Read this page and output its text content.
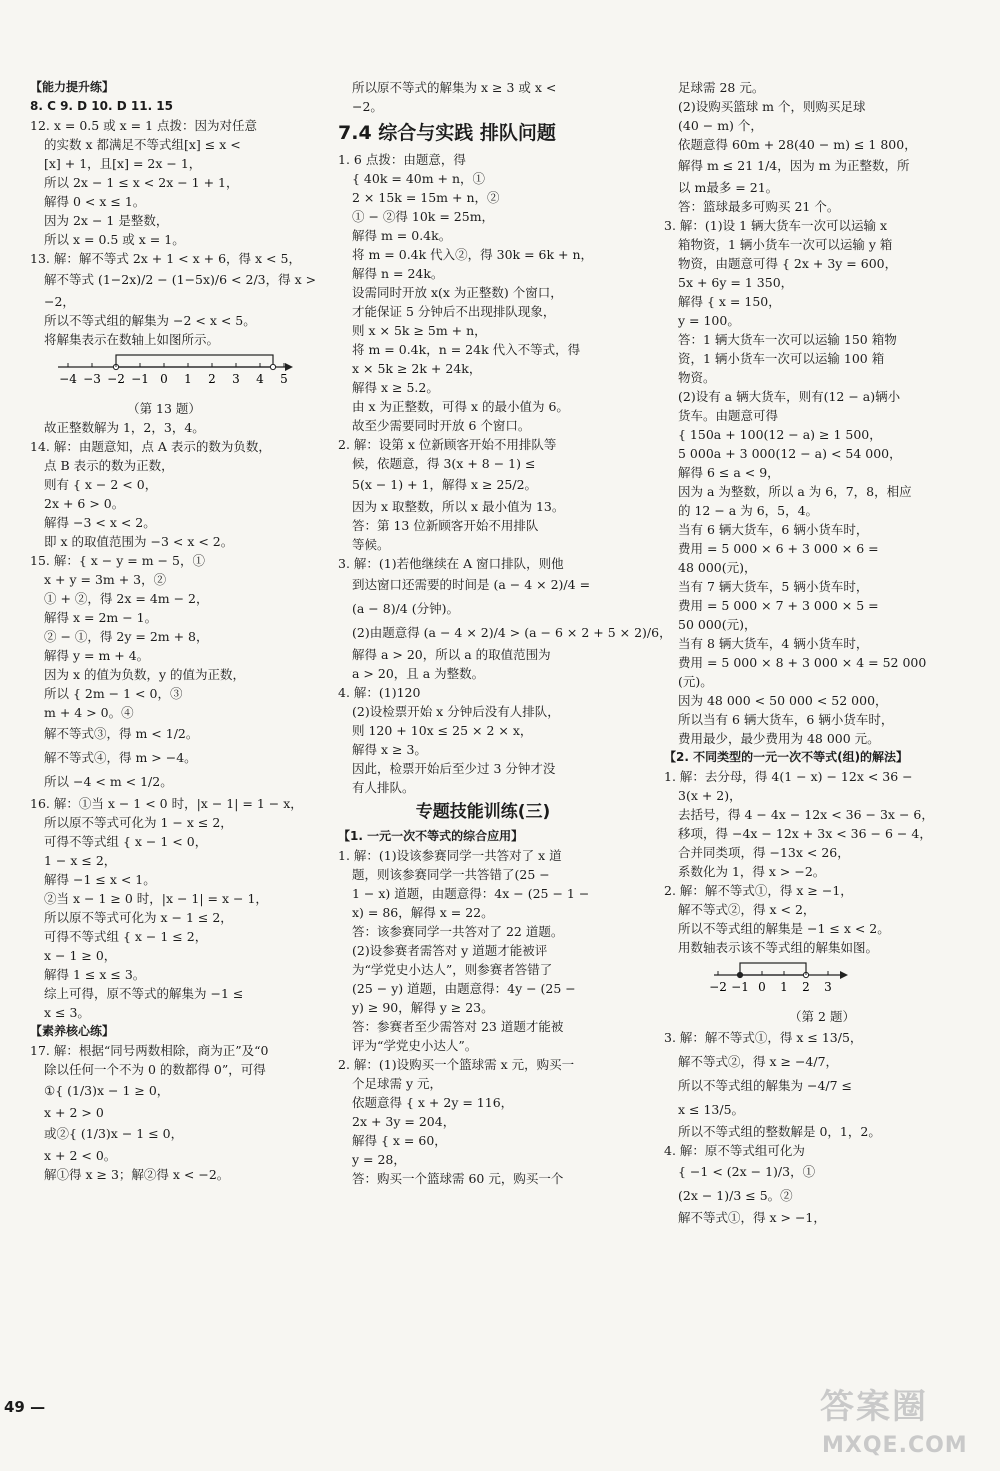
【能力提升练】
8. C 9. D 10. D 11. 15
12. x = 0.5 或 x = 1 点拨：因为对任意
的实数 x 都满足不等式组[x] ≤ x <
[x] + 1，且[x] = 2x − 1，
所以 2x − 1 ≤ x < 2x − 1 + 1，
解得 0 < x ≤ 1。
因为 2x − 1 是整数，
所以 x = 0.5 或 x = 1。
13. 解：解不等式 2x + 1 < x + 6，得 x < 5，
解不等式 (1−2x)/2 − (1−5x)/6 < 2/3，得 x >
−2，
所以不等式组的解集为 −2 < x < 5。
将解集表示在数轴上如图所示。
−4 −3 −2 −1 0 1 2 3 4 5
（第 13 题）
故正整数解为 1，2，3，4。
14. 解：由题意知，点 A 表示的数为负数，
点 B 表示的数为正数，
则有 { x − 2 < 0，
2x + 6 > 0。
解得 −3 < x < 2。
即 x 的取值范围为 −3 < x < 2。
15. 解：{ x − y = m − 5，①
x + y = 3m + 3，②
① + ②，得 2x = 4m − 2，
解得 x = 2m − 1。
② − ①，得 2y = 2m + 8，
解得 y = m + 4。
因为 x 的值为负数，y 的值为正数，
所以 { 2m − 1 < 0，③
m + 4 > 0。④
解不等式③，得 m < 1/2。
解不等式④，得 m > −4。
所以 −4 < m < 1/2。
16. 解：①当 x − 1 < 0 时，|x − 1| = 1 − x，
所以原不等式可化为 1 − x ≤ 2，
可得不等式组 { x − 1 < 0，
1 − x ≤ 2，
解得 −1 ≤ x < 1。
②当 x − 1 ≥ 0 时，|x − 1| = x − 1，
所以原不等式可化为 x − 1 ≤ 2，
可得不等式组 { x − 1 ≤ 2，
x − 1 ≥ 0，
解得 1 ≤ x ≤ 3。
综上可得，原不等式的解集为 −1 ≤
x ≤ 3。
【素养核心练】
17. 解：根据“同号两数相除，商为正”及“0
除以任何一个不为 0 的数都得 0”，可得
①{ (1/3)x − 1 ≥ 0，
x + 2 > 0
或②{ (1/3)x − 1 ≤ 0，
x + 2 < 0。
解①得 x ≥ 3；解②得 x < −2。
所以原不等式的解集为 x ≥ 3 或 x <
−2。
7.4 综合与实践 排队问题
1. 6 点拨：由题意，得
{ 40k = 40m + n，①
2 × 15k = 15m + n，②
① − ②得 10k = 25m，
解得 m = 0.4k。
将 m = 0.4k 代入②，得 30k = 6k + n，
解得 n = 24k。
设需同时开放 x(x 为正整数) 个窗口，
才能保证 5 分钟后不出现排队现象，
则 x × 5k ≥ 5m + n，
将 m = 0.4k，n = 24k 代入不等式，得
x × 5k ≥ 2k + 24k，
解得 x ≥ 5.2。
由 x 为正整数，可得 x 的最小值为 6。
故至少需要同时开放 6 个窗口。
2. 解：设第 x 位新顾客开始不用排队等
候，依题意，得 3(x + 8 − 1) ≤
5(x − 1) + 1，解得 x ≥ 25/2。
因为 x 取整数，所以 x 最小值为 13。
答：第 13 位新顾客开始不用排队
等候。
3. 解：(1)若他继续在 A 窗口排队，则他
到达窗口还需要的时间是 (a − 4 × 2)/4 =
(a − 8)/4 (分钟)。
(2)由题意得 (a − 4 × 2)/4 > (a − 6 × 2 + 5 × 2)/6，
解得 a > 20，所以 a 的取值范围为
a > 20，且 a 为整数。
4. 解：(1)120
(2)设检票开始 x 分钟后没有人排队，
则 120 + 10x ≤ 25 × 2 × x，
解得 x ≥ 3。
因此，检票开始后至少过 3 分钟才没
有人排队。
专题技能训练(三)
【1. 一元一次不等式的综合应用】
1. 解：(1)设该参赛同学一共答对了 x 道
题，则该参赛同学一共答错了(25 −
1 − x) 道题，由题意得：4x − (25 − 1 −
x) = 86，解得 x = 22。
答：该参赛同学一共答对了 22 道题。
(2)设参赛者需答对 y 道题才能被评
为“学党史小达人”，则参赛者答错了
(25 − y) 道题，由题意得：4y − (25 −
y) ≥ 90，解得 y ≥ 23。
答：参赛者至少需答对 23 道题才能被
评为“学党史小达人”。
2. 解：(1)设购买一个篮球需 x 元，购买一
个足球需 y 元，
依题意得 { x + 2y = 116，
2x + 3y = 204，
解得 { x = 60，
y = 28，
答：购买一个篮球需 60 元，购买一个
足球需 28 元。
(2)设购买篮球 m 个，则购买足球
(40 − m) 个，
依题意得 60m + 28(40 − m) ≤ 1 800，
解得 m ≤ 21 1/4，因为 m 为正整数，所
以 m最多 = 21。
答：篮球最多可购买 21 个。
3. 解：(1)设 1 辆大货车一次可以运输 x
箱物资，1 辆小货车一次可以运输 y 箱
物资，由题意可得 { 2x + 3y = 600，
5x + 6y = 1 350，
解得 { x = 150，
y = 100。
答：1 辆大货车一次可以运输 150 箱物
资，1 辆小货车一次可以运输 100 箱
物资。
(2)设有 a 辆大货车，则有(12 − a)辆小
货车。由题意可得
{ 150a + 100(12 − a) ≥ 1 500，
5 000a + 3 000(12 − a) < 54 000，
解得 6 ≤ a < 9，
因为 a 为整数，所以 a 为 6，7，8，相应
的 12 − a 为 6，5，4。
当有 6 辆大货车，6 辆小货车时，
费用 = 5 000 × 6 + 3 000 × 6 =
48 000(元)，
当有 7 辆大货车，5 辆小货车时，
费用 = 5 000 × 7 + 3 000 × 5 =
50 000(元)，
当有 8 辆大货车，4 辆小货车时，
费用 = 5 000 × 8 + 3 000 × 4 = 52 000
(元)。
因为 48 000 < 50 000 < 52 000，
所以当有 6 辆大货车，6 辆小货车时，
费用最少，最少费用为 48 000 元。
【2. 不同类型的一元一次不等式(组)的解法】
1. 解：去分母，得 4(1 − x) − 12x < 36 −
3(x + 2)，
去括号，得 4 − 4x − 12x < 36 − 3x − 6，
移项，得 −4x − 12x + 3x < 36 − 6 − 4，
合并同类项，得 −13x < 26，
系数化为 1，得 x > −2。
2. 解：解不等式①，得 x ≥ −1，
解不等式②，得 x < 2，
所以不等式组的解集是 −1 ≤ x < 2。
用数轴表示该不等式组的解集如图。
−2 −1 0 1 2 3
（第 2 题）
3. 解：解不等式①，得 x ≤ 13/5，
解不等式②，得 x ≥ −4/7，
所以不等式组的解集为 −4/7 ≤
x ≤ 13/5。
所以不等式组的整数解是 0，1，2。
4. 解：原不等式组可化为
{ −1 < (2x − 1)/3，①
(2x − 1)/3 ≤ 5。②
解不等式①，得 x > −1，
49 —	答案圈
MXQE.COM
